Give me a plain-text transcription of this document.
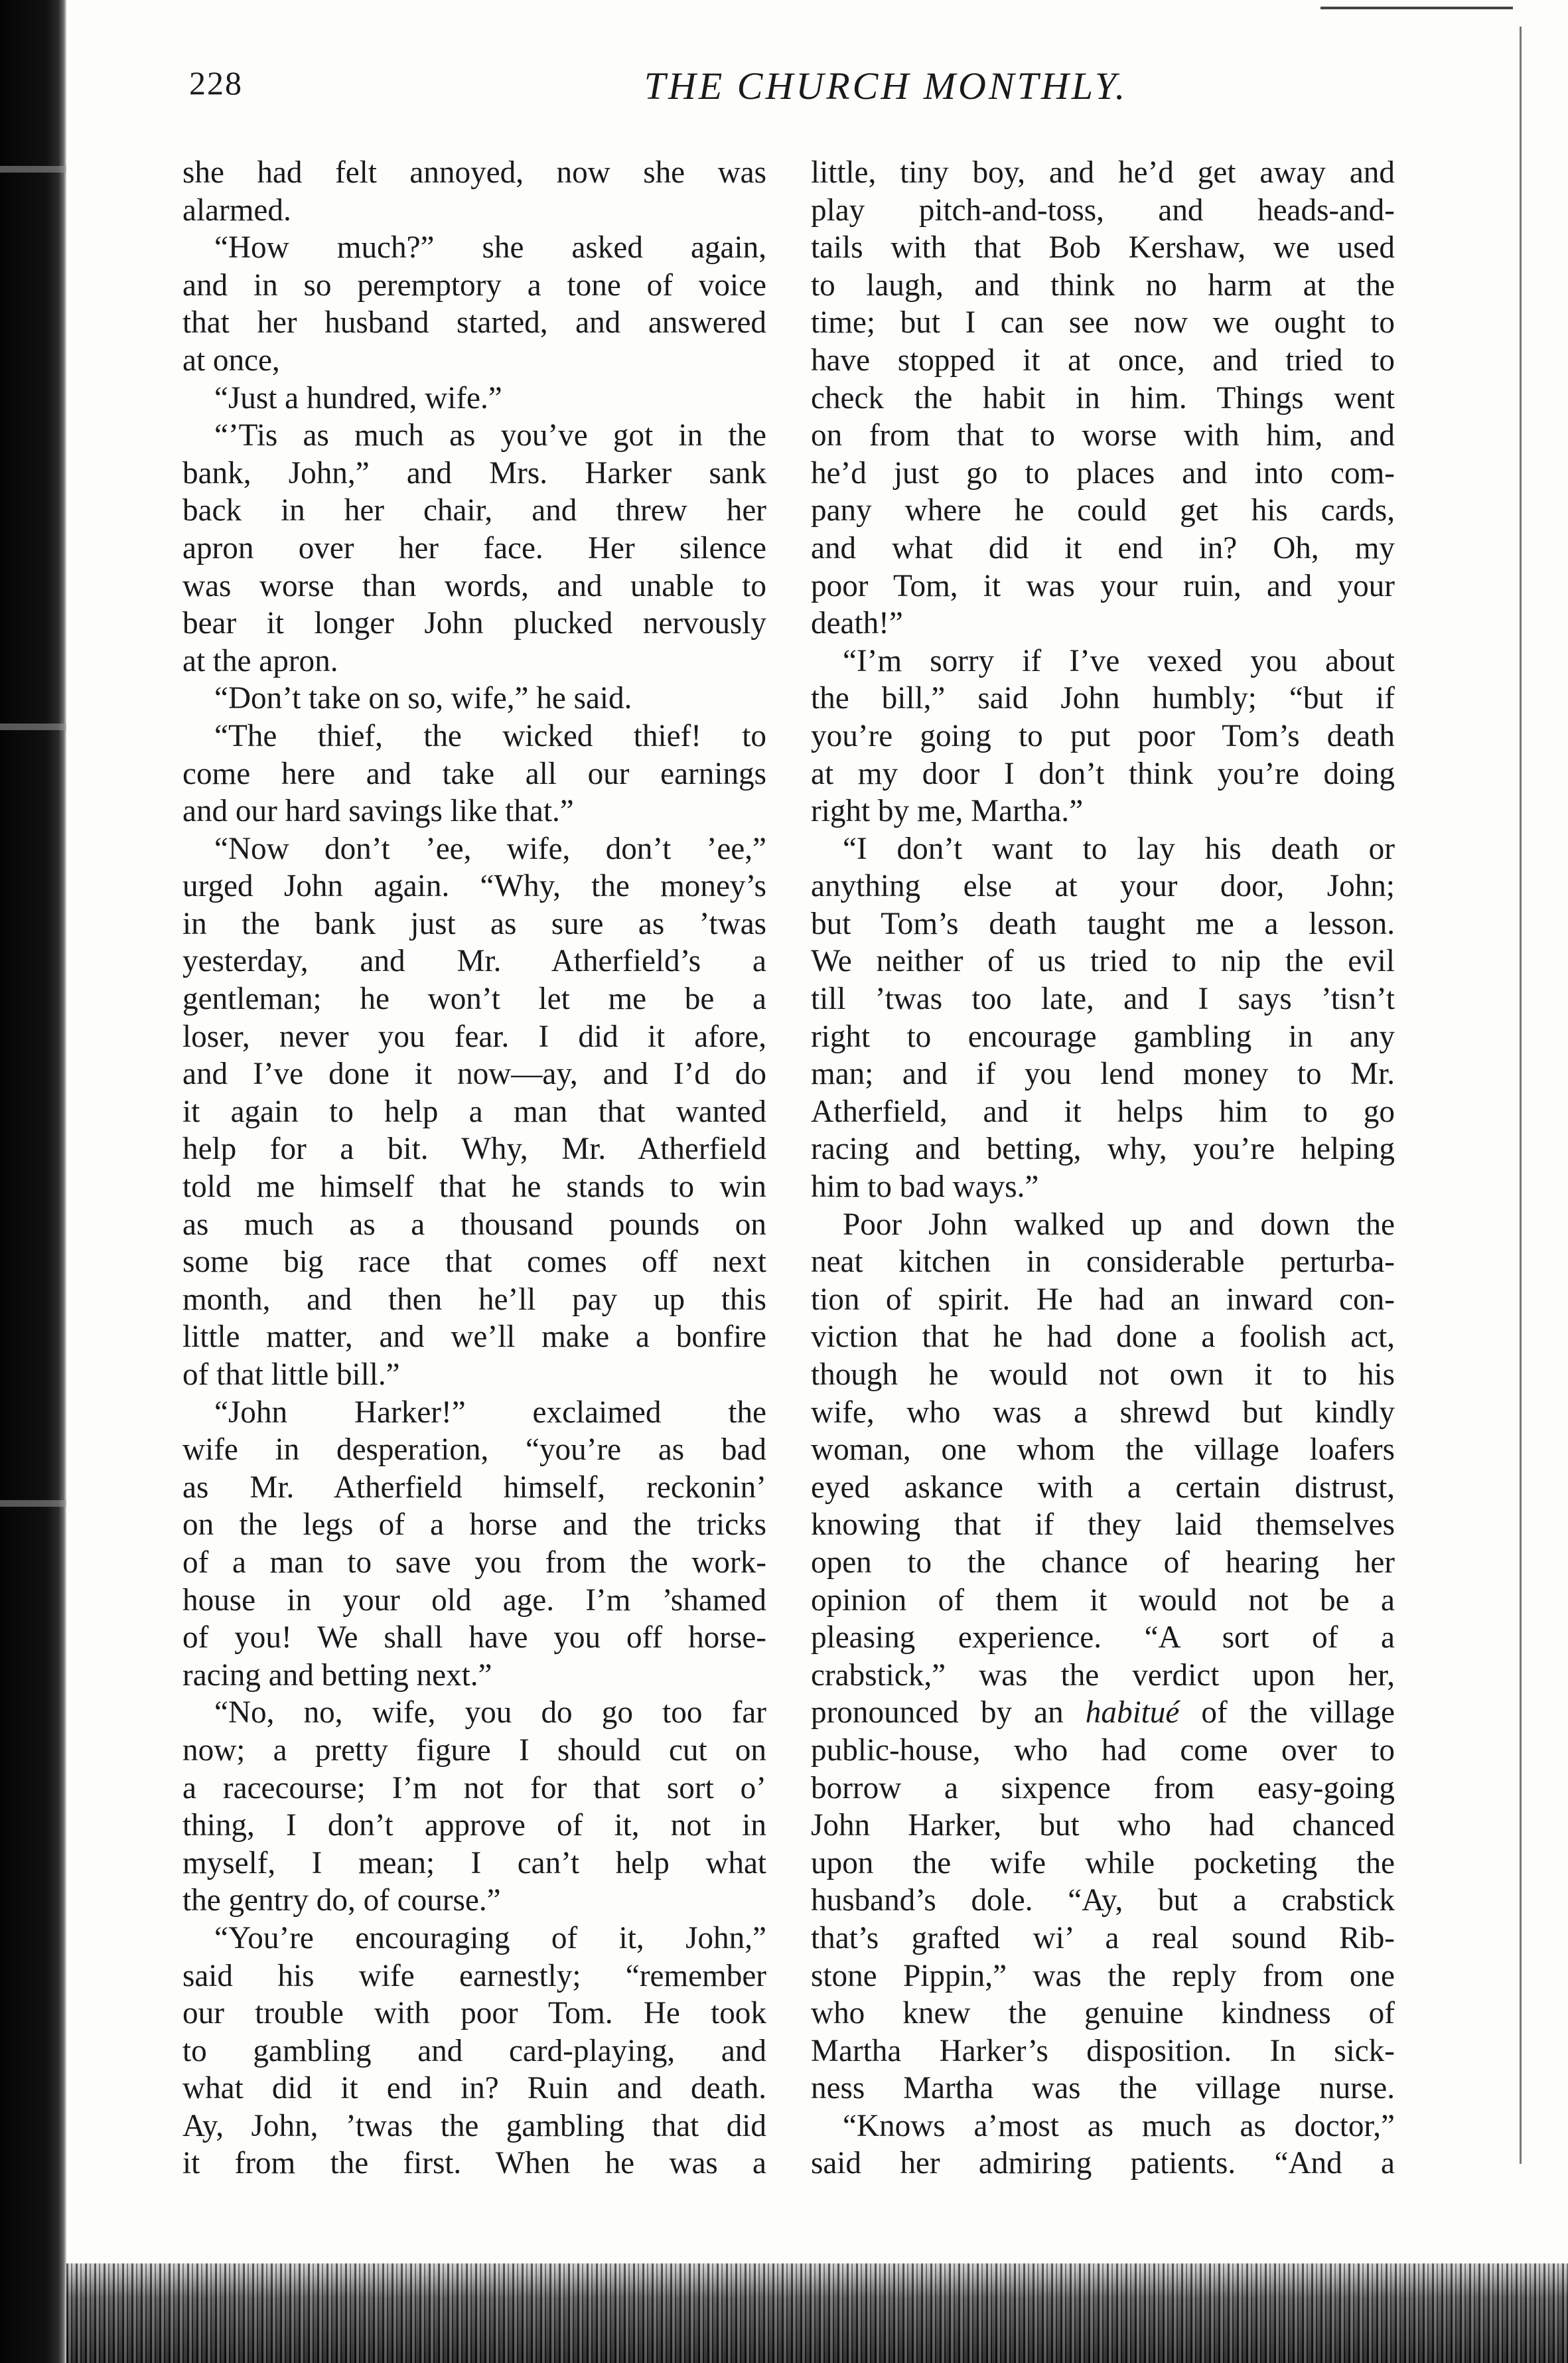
228	THE CHURCH MONTHLY.
she had felt annoyed, now she was
alarmed.
“How much?” she asked again,
and in so peremptory a tone of voice
that her husband started, and answered
at once,
“Just a hundred, wife.”
“’Tis as much as you’ve got in the
bank, John,” and Mrs. Harker sank
back in her chair, and threw her
apron over her face. Her silence
was worse than words, and unable to
bear it longer John plucked nervously
at the apron.
“Don’t take on so, wife,” he said.
“The thief, the wicked thief! to
come here and take all our earnings
and our hard savings like that.”
“Now don’t ’ee, wife, don’t ’ee,”
urged John again. “Why, the money’s
in the bank just as sure as ’twas
yesterday, and Mr. Atherfield’s a
gentleman; he won’t let me be a
loser, never you fear. I did it afore,
and I’ve done it now—ay, and I’d do
it again to help a man that wanted
help for a bit. Why, Mr. Atherfield
told me himself that he stands to win
as much as a thousand pounds on
some big race that comes off next
month, and then he’ll pay up this
little matter, and we’ll make a bonfire
of that little bill.”
“John Harker!” exclaimed the
wife in desperation, “you’re as bad
as Mr. Atherfield himself, reckonin’
on the legs of a horse and the tricks
of a man to save you from the work-
house in your old age. I’m ’shamed
of you! We shall have you off horse-
racing and betting next.”
“No, no, wife, you do go too far
now; a pretty figure I should cut on
a racecourse; I’m not for that sort o’
thing, I don’t approve of it, not in
myself, I mean; I can’t help what
the gentry do, of course.”
“You’re encouraging of it, John,”
said his wife earnestly; “remember
our trouble with poor Tom. He took
to gambling and card-playing, and
what did it end in? Ruin and death.
Ay, John, ’twas the gambling that did
it from the first. When he was a
little, tiny boy, and he’d get away and
play pitch-and-toss, and heads-and-
tails with that Bob Kershaw, we used
to laugh, and think no harm at the
time; but I can see now we ought to
have stopped it at once, and tried to
check the habit in him. Things went
on from that to worse with him, and
he’d just go to places and into com-
pany where he could get his cards,
and what did it end in? Oh, my
poor Tom, it was your ruin, and your
death!”
“I’m sorry if I’ve vexed you about
the bill,” said John humbly; “but if
you’re going to put poor Tom’s death
at my door I don’t think you’re doing
right by me, Martha.”
“I don’t want to lay his death or
anything else at your door, John;
but Tom’s death taught me a lesson.
We neither of us tried to nip the evil
till ’twas too late, and I says ’tisn’t
right to encourage gambling in any
man; and if you lend money to Mr.
Atherfield, and it helps him to go
racing and betting, why, you’re helping
him to bad ways.”
Poor John walked up and down the
neat kitchen in considerable perturba-
tion of spirit. He had an inward con-
viction that he had done a foolish act,
though he would not own it to his
wife, who was a shrewd but kindly
woman, one whom the village loafers
eyed askance with a certain distrust,
knowing that if they laid themselves
open to the chance of hearing her
opinion of them it would not be a
pleasing experience. “A sort of a
crabstick,” was the verdict upon her,
pronounced by an habitué of the village
public-house, who had come over to
borrow a sixpence from easy-going
John Harker, but who had chanced
upon the wife while pocketing the
husband’s dole. “Ay, but a crabstick
that’s grafted wi’ a real sound Rib-
stone Pippin,” was the reply from one
who knew the genuine kindness of
Martha Harker’s disposition. In sick-
ness Martha was the village nurse.
“Knows a’most as much as doctor,”
said her admiring patients. “And a
